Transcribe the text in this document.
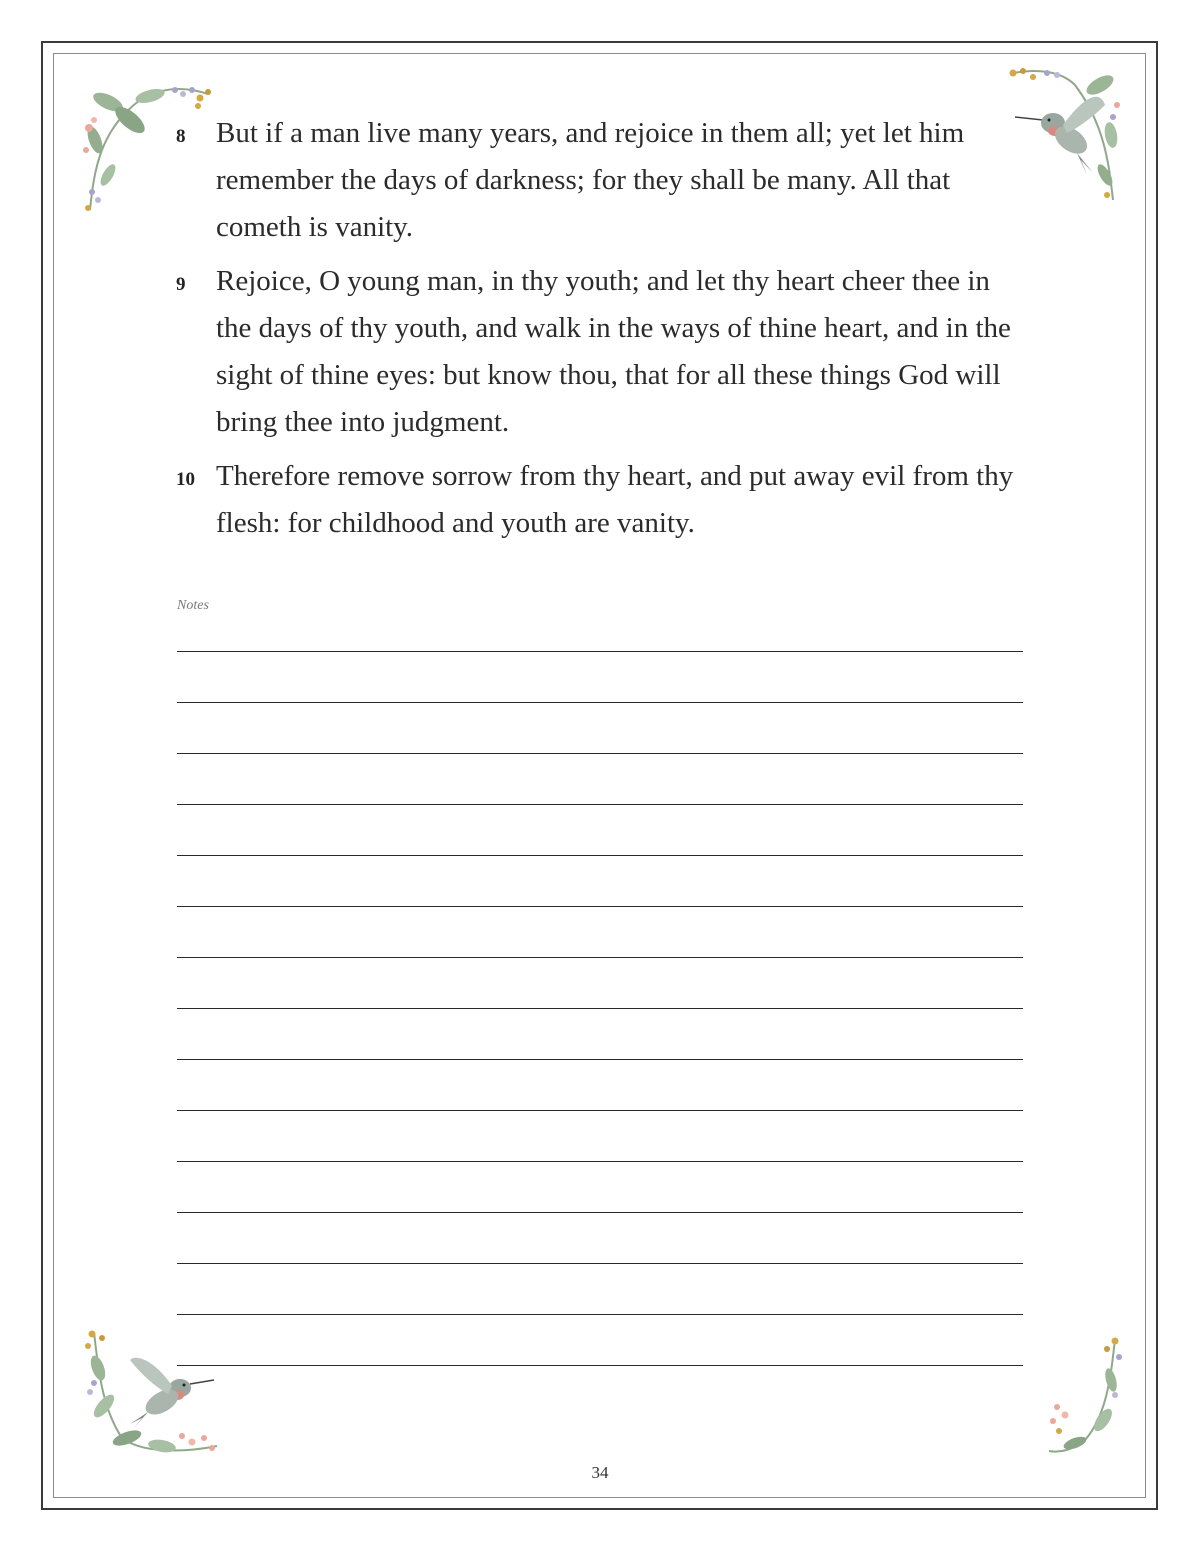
8	But if a man live many years, and rejoice in them all; yet let him remember the days of darkness; for they shall be many. All that cometh is vanity.
9	Rejoice, O young man, in thy youth; and let thy heart cheer thee in the days of thy youth, and walk in the ways of thine heart, and in the sight of thine eyes: but know thou, that for all these things God will bring thee into judgment.
10 Therefore remove sorrow from thy heart, and put away evil from thy flesh: for childhood and youth are vanity.
Notes
34
